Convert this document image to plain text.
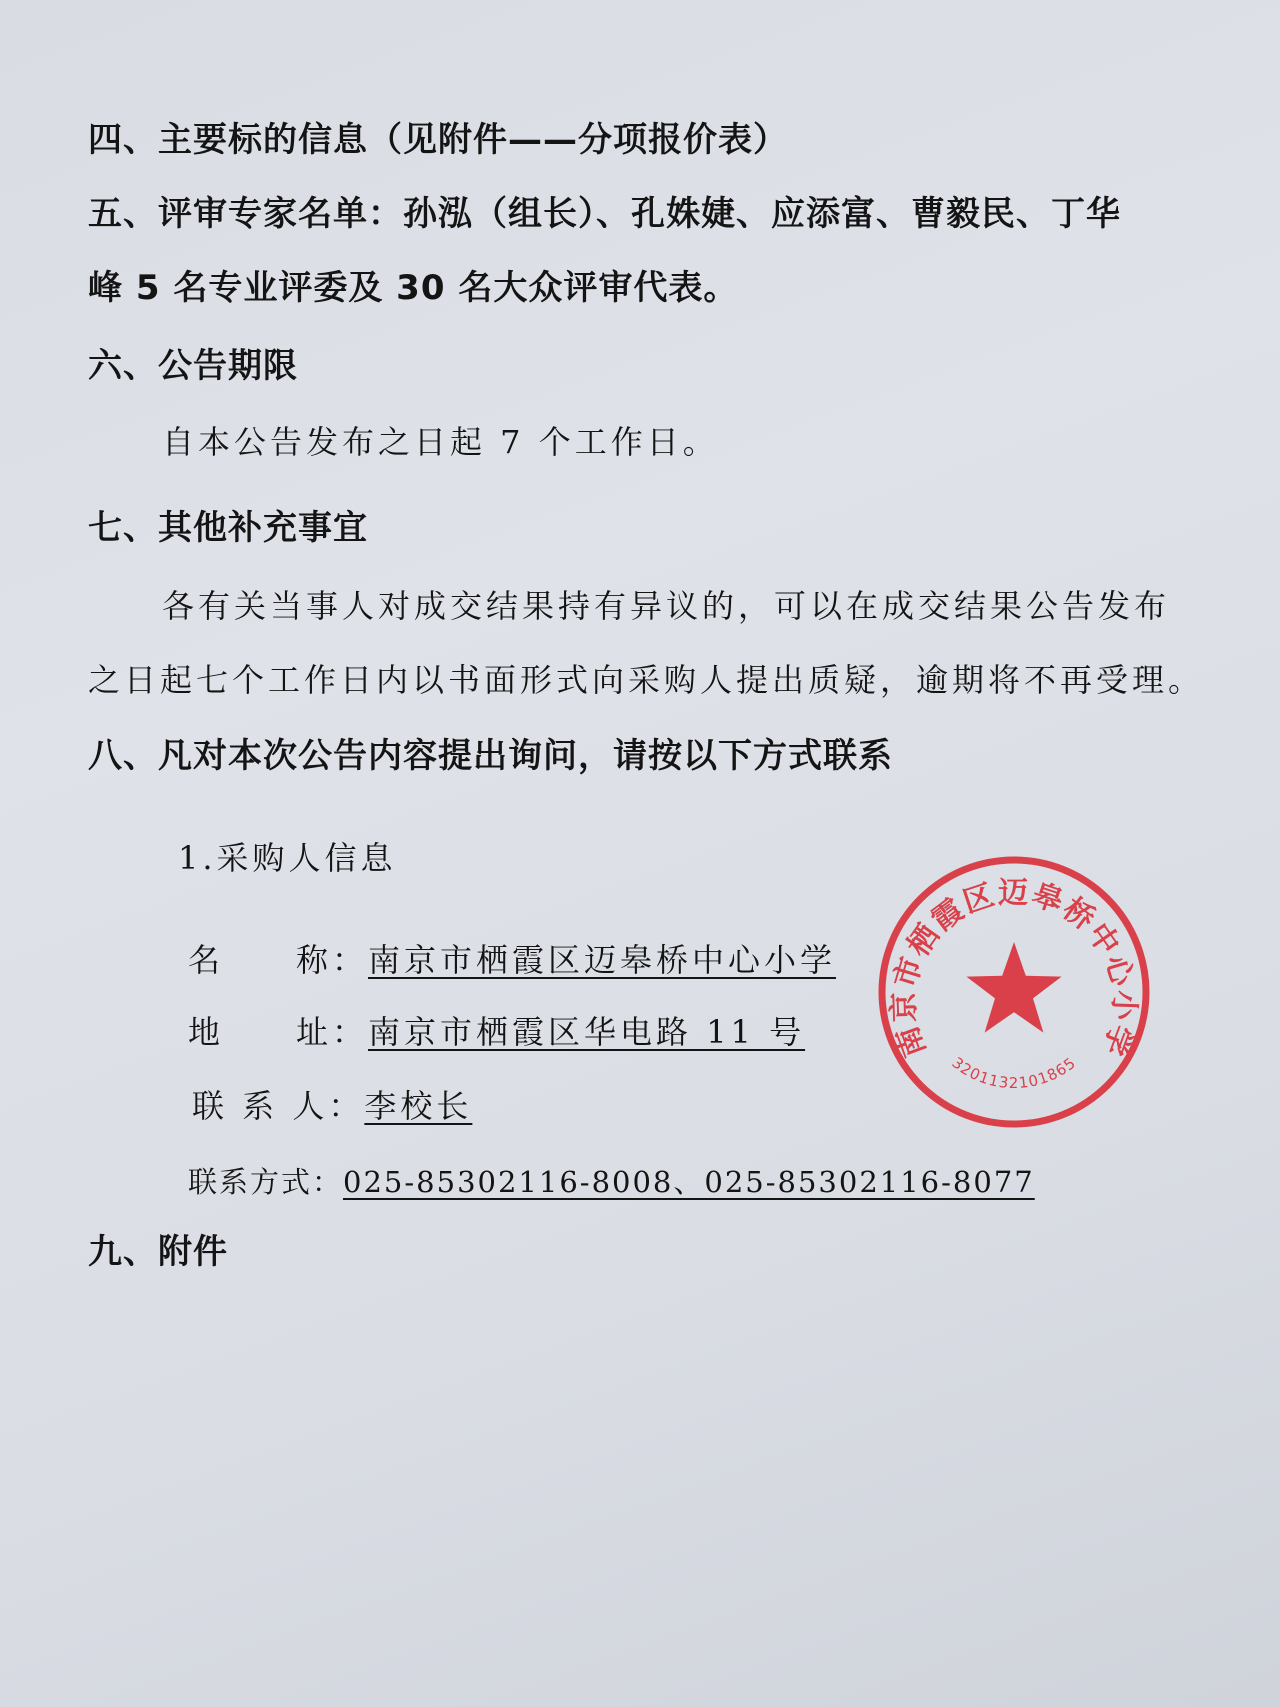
四、主要标的信息（见附件——分项报价表）
五、评审专家名单：孙泓（组长）、孔姝婕、应添富、曹毅民、丁华
峰 5 名专业评委及 30 名大众评审代表。
六、公告期限
自本公告发布之日起 7 个工作日。
七、其他补充事宜
各有关当事人对成交结果持有异议的，可以在成交结果公告发布
之日起七个工作日内以书面形式向采购人提出质疑，逾期将不再受理。
八、凡对本次公告内容提出询问，请按以下方式联系
1.采购人信息
名　　称：南京市栖霞区迈皋桥中心小学
地　　址：南京市栖霞区华电路 11 号
联 系 人：李校长
联系方式：025-85302116-8008、025-85302116-8077
九、附件
南京市栖霞区迈皋桥中心小学
3201132101865
